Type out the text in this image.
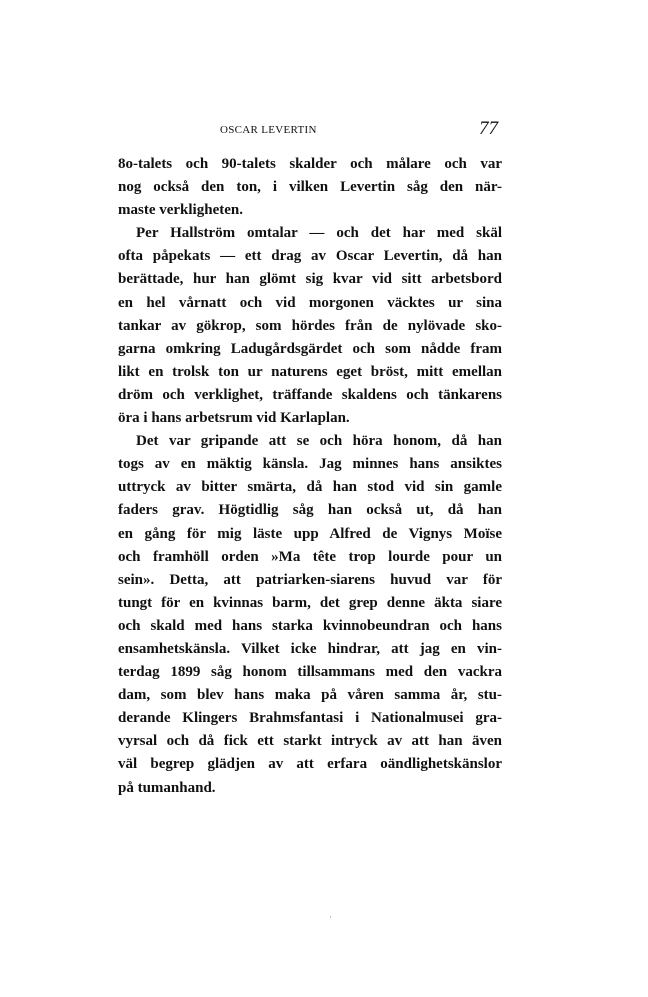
OSCAR LEVERTIN	77
8o-talets och 90-talets skalder och målare och var
nog också den ton, i vilken Levertin såg den när-
maste verkligheten.
Per Hallström omtalar — och det har med skäl
ofta påpekats — ett drag av Oscar Levertin, då han
berättade, hur han glömt sig kvar vid sitt arbetsbord
en hel vårnatt och vid morgonen väcktes ur sina
tankar av gökrop, som hördes från de nylövade sko-
garna omkring Ladugårdsgärdet och som nådde fram
likt en trolsk ton ur naturens eget bröst, mitt emellan
dröm och verklighet, träffande skaldens och tänkarens
öra i hans arbetsrum vid Karlaplan.
Det var gripande att se och höra honom, då han
togs av en mäktig känsla. Jag minnes hans ansiktes
uttryck av bitter smärta, då han stod vid sin gamle
faders grav. Högtidlig såg han också ut, då han
en gång för mig läste upp Alfred de Vignys Moïse
och framhöll orden »Ma tête trop lourde pour un
sein». Detta, att patriarken-siarens huvud var för
tungt för en kvinnas barm, det grep denne äkta siare
och skald med hans starka kvinnobeundran och hans
ensamhetskänsla. Vilket icke hindrar, att jag en vin-
terdag 1899 såg honom tillsammans med den vackra
dam, som blev hans maka på våren samma år, stu-
derande Klingers Brahmsfantasi i Nationalmusei gra-
vyrsal och då fick ett starkt intryck av att han även
väl begrep glädjen av att erfara oändlighetskänslor
på tumanhand.
